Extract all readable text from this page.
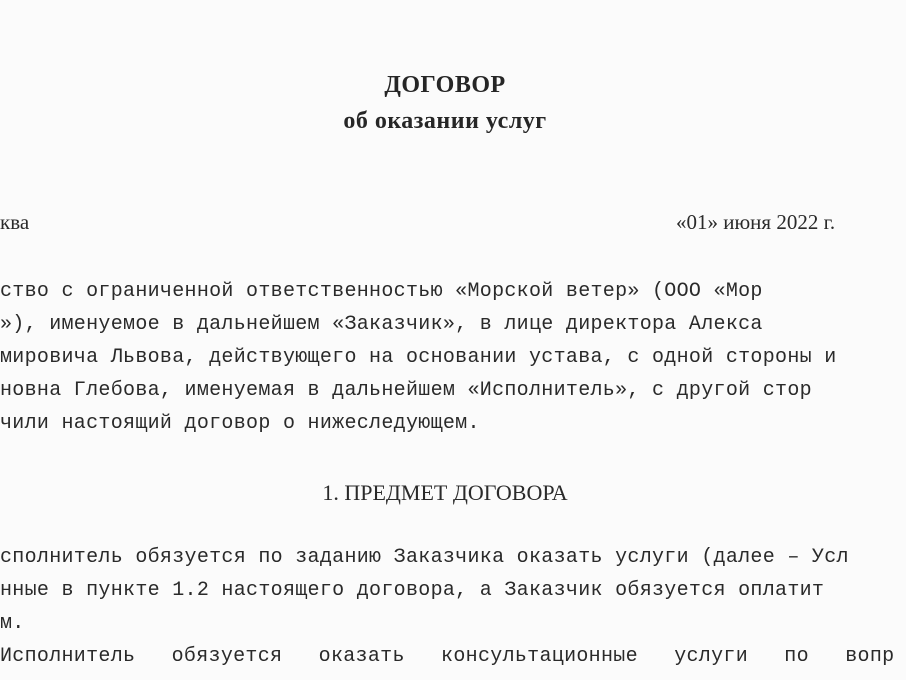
ДОГОВОР
об оказании услуг
ква	«01» июня 2022 г.
ство с ограниченной ответственностью «Морской ветер» (ООО «Мор
»), именуемое в дальнейшем «Заказчик», в лице директора Алекса
мировича Львова, действующего на основании устава, с одной стороны и
новна Глебова, именуемая в дальнейшем «Исполнитель», с другой стор
чили настоящий договор о нижеследующем.
1. ПРЕДМЕТ ДОГОВОРА
сполнитель обязуется по заданию Заказчика оказать услуги (далее – Усл
нные в пункте 1.2 настоящего договора, а Заказчик обязуется оплатит
м.
Исполнитель обязуется оказать консультационные услуги по вопр
